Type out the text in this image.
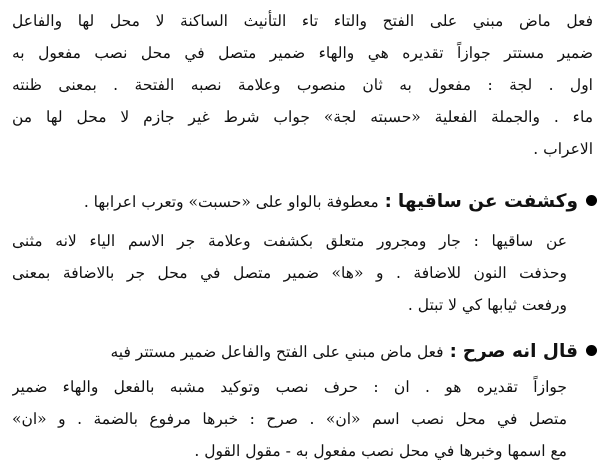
فعل ماض مبني على الفتح والتاء تاء التأنيث الساكنة لا محل لها والفاعل
ضمير مستتر جوازاً تقديره هي والهاء ضمير متصل في محل نصب مفعول به
اول . لجة : مفعول به ثان منصوب وعلامة نصبه الفتحة . بمعنى ظنته
ماء . والجملة الفعلية «حسبته لجة» جواب شرط غير جازم لا محل لها من
الاعراب .
وكشفت عن ساقيها:معطوفة بالواو على «حسبت» وتعرب اعرابها .
عن ساقيها : جار ومجرور متعلق بكشفت وعلامة جر الاسم الياء لانه مثنى
وحذفت النون للاضافة . و «ها» ضمير متصل في محل جر بالاضافة بمعنى
ورفعت ثيابها كي لا تبتل .
قال انه صرح:فعل ماض مبني على الفتح والفاعل ضمير مستتر فيه
جوازاً تقديره هو . ان : حرف نصب وتوكيد مشبه بالفعل والهاء ضمير
متصل في محل نصب اسم «ان» . صرح : خبرها مرفوع بالضمة . و «ان»
مع اسمها وخبرها في محل نصب مفعول به - مقول القول .
